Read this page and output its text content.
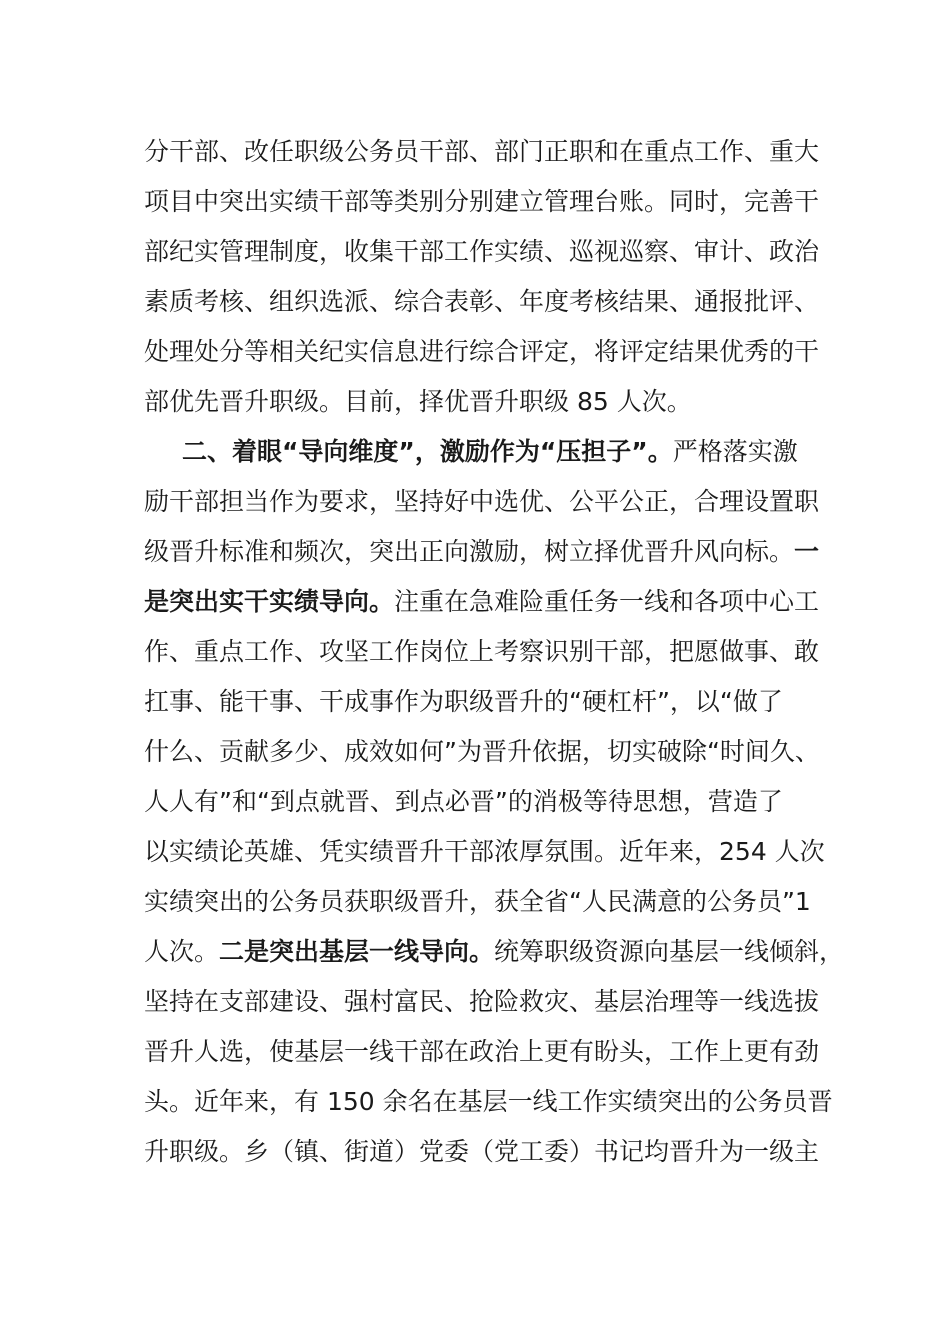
分干部、改任职级公务员干部、部门正职和在重点工作、重大
项目中突出实绩干部等类别分别建立管理台账。同时，完善干
部纪实管理制度，收集干部工作实绩、巡视巡察、审计、政治
素质考核、组织选派、综合表彰、年度考核结果、通报批评、
处理处分等相关纪实信息进行综合评定，将评定结果优秀的干
部优先晋升职级。目前，择优晋升职级 85 人次。
二、着眼“导向维度”，激励作为“压担子”。严格落实激
励干部担当作为要求，坚持好中选优、公平公正，合理设置职
级晋升标准和频次，突出正向激励，树立择优晋升风向标。一
是突出实干实绩导向。注重在急难险重任务一线和各项中心工
作、重点工作、攻坚工作岗位上考察识别干部，把愿做事、敢
扛事、能干事、干成事作为职级晋升的“硬杠杆”，以“做了
什么、贡献多少、成效如何”为晋升依据，切实破除“时间久、
人人有”和“到点就晋、到点必晋”的消极等待思想，营造了
以实绩论英雄、凭实绩晋升干部浓厚氛围。近年来，254 人次
实绩突出的公务员获职级晋升，获全省“人民满意的公务员”1
人次。二是突出基层一线导向。统筹职级资源向基层一线倾斜，
坚持在支部建设、强村富民、抢险救灾、基层治理等一线选拔
晋升人选，使基层一线干部在政治上更有盼头，工作上更有劲
头。近年来，有 150 余名在基层一线工作实绩突出的公务员晋
升职级。乡（镇、街道）党委（党工委）书记均晋升为一级主
